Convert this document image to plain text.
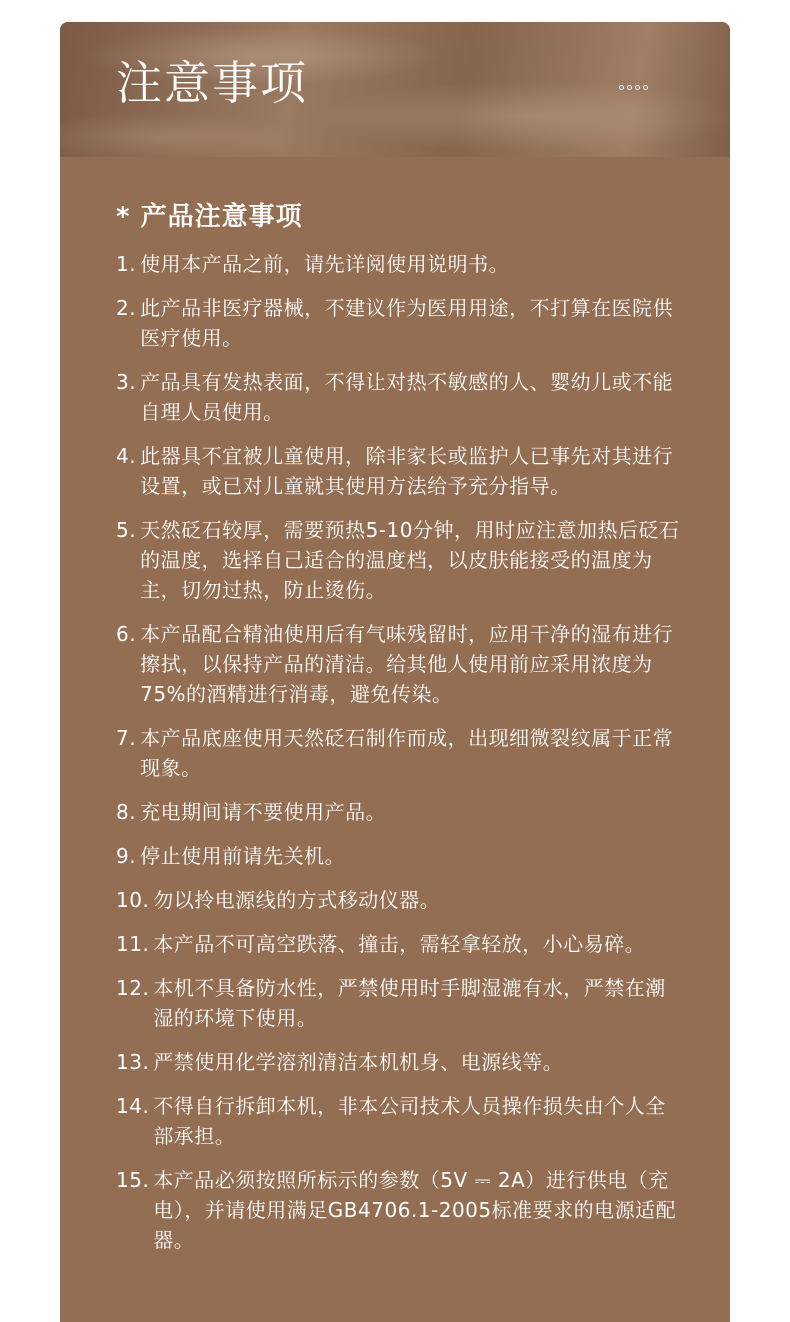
注意事项
* 产品注意事项
1. 使用本产品之前，请先详阅使用说明书。
2. 此产品非医疗器械，不建议作为医用用途，不打算在医院供医疗使用。
3. 产品具有发热表面，不得让对热不敏感的人、婴幼儿或不能自理人员使用。
4. 此器具不宜被儿童使用，除非家长或监护人已事先对其进行设置，或已对儿童就其使用方法给予充分指导。
5. 天然砭石较厚，需要预热5-10分钟，用时应注意加热后砭石的温度，选择自己适合的温度档，以皮肤能接受的温度为主，切勿过热，防止烫伤。
6. 本产品配合精油使用后有气味残留时，应用干净的湿布进行擦拭，以保持产品的清洁。给其他人使用前应采用浓度为75%的酒精进行消毒，避免传染。
7. 本产品底座使用天然砭石制作而成，出现细微裂纹属于正常现象。
8. 充电期间请不要使用产品。
9. 停止使用前请先关机。
10. 勿以拎电源线的方式移动仪器。
11. 本产品不可高空跌落、撞击，需轻拿轻放，小心易碎。
12. 本机不具备防水性，严禁使用时手脚湿漉有水，严禁在潮湿的环境下使用。
13. 严禁使用化学溶剂清洁本机机身、电源线等。
14. 不得自行拆卸本机，非本公司技术人员操作损失由个人全部承担。
15. 本产品必须按照所标示的参数（5V ⎓ 2A）进行供电（充电），并请使用满足GB4706.1-2005标准要求的电源适配器。
